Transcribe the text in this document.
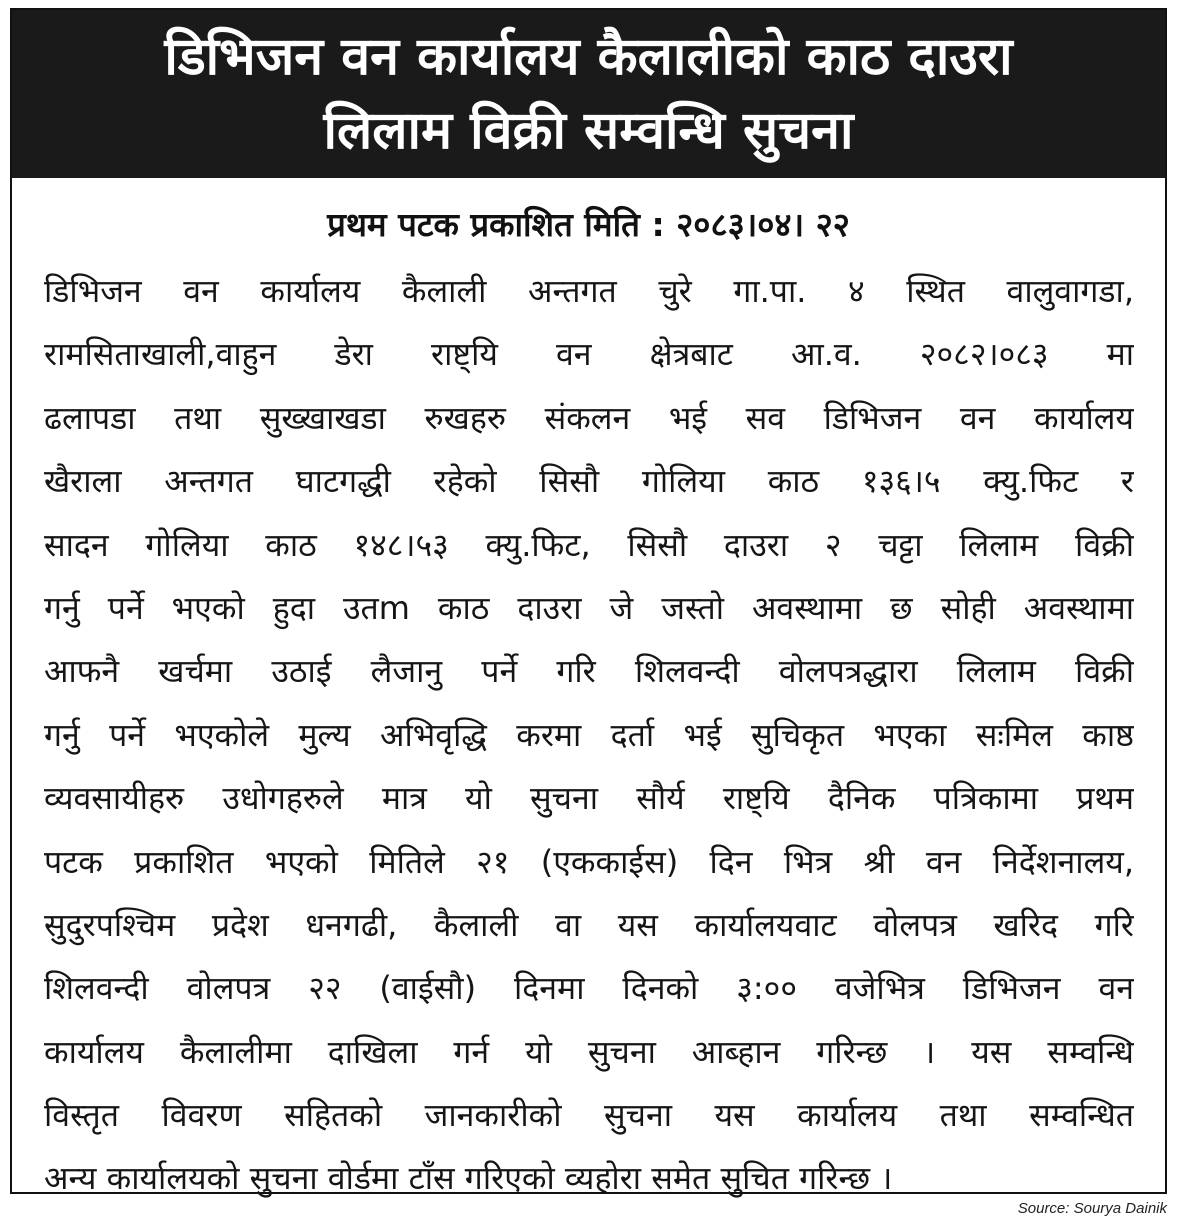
डिभिजन वन कार्यालय कैलालीको काठ दाउरा
लिलाम विक्री सम्वन्धि सुचना
प्रथम पटक प्रकाशित मिति : २०८३।०४। २२
डिभिजन वन कार्यालय कैलाली अन्तगत चुरे गा.पा. ४ स्थित वालुवागडा,
रामसिताखाली,वाहुन डेरा राष्ट्यि वन क्षेत्रबाट आ.व. २०८२।०८३ मा
ढलापडा तथा सुख्खाखडा रुखहरु संकलन भई सव डिभिजन वन कार्यालय
खैराला अन्तगत घाटगद्धी रहेको सिसौ गोलिया काठ १३६।५ क्यु.फिट र
सादन गोलिया काठ १४८।५३ क्यु.फिट, सिसौ दाउरा २ चट्टा लिलाम विक्री
गर्नु पर्ने भएको हुदा उतm काठ दाउरा जे जस्तो अवस्थामा छ सोही अवस्थामा
आफनै खर्चमा उठाई लैजानु पर्ने गरि शिलवन्दी वोलपत्रद्धारा लिलाम विक्री
गर्नु पर्ने भएकोले मुल्य अभिवृद्धि करमा दर्ता भई सुचिकृत भएका सःमिल काष्ठ
व्यवसायीहरु उधोगहरुले मात्र यो सुचना सौर्य राष्ट्यि दैनिक पत्रिकामा प्रथम
पटक प्रकाशित भएको मितिले २१ (एककाईस) दिन भित्र श्री वन निर्देशनालय,
सुदुरपश्चिम प्रदेश धनगढी, कैलाली वा यस कार्यालयवाट वोलपत्र खरिद गरि
शिलवन्दी वोलपत्र २२ (वाईसौ) दिनमा दिनको ३:०० वजेभित्र डिभिजन वन
कार्यालय कैलालीमा दाखिला गर्न यो सुचना आब्हान गरिन्छ । यस सम्वन्धि
विस्तृत विवरण सहितको जानकारीको सुचना यस कार्यालय तथा सम्वन्धित
अन्य कार्यालयको सुचना वोर्डमा टाँस गरिएको व्यहोरा समेत सुचित गरिन्छ ।
Source: Sourya Dainik
